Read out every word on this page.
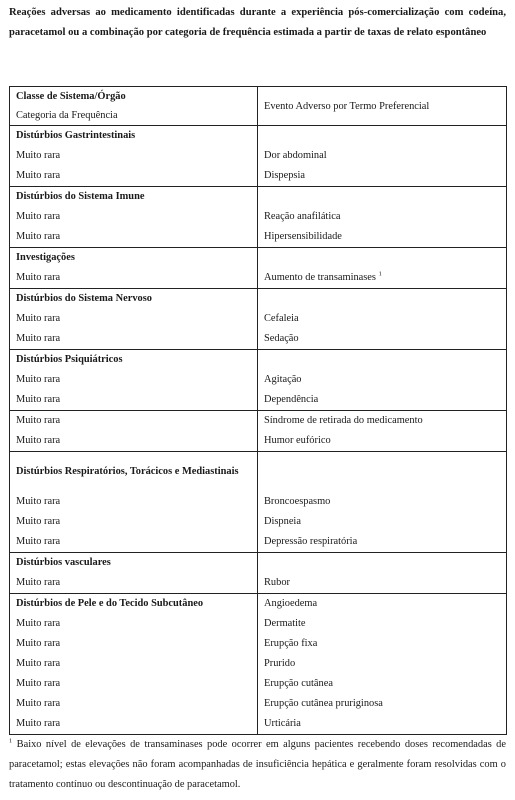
Reações adversas ao medicamento identificadas durante a experiência pós-comercialização com codeína, paracetamol ou a combinação por categoria de frequência estimada a partir de taxas de relato espontâneo
Classe de Sistema/Órgão	Evento Adverso por Termo Preferencial
Categoria da Frequência	
Distúrbios Gastrintestinais	
Muito rara	Dor abdominal
Muito rara	Dispepsia
Distúrbios do Sistema Imune	
Muito rara	Reação anafilática
Muito rara	Hipersensibilidade
Investigações	
Muito rara	Aumento de transaminases $^1$
Distúrbios do Sistema Nervoso	
Muito rara	Cefaleia
Muito rara	Sedação
Distúrbios Psiquiátricos	
Muito rara	Agitação
Muito rara	Dependência
Muito rara	Síndrome de retirada do medicamento
Muito rara	Humor eufórico
Distúrbios Respiratórios, Torácicos e Mediastinais	
Muito rara	Broncoespasmo
Muito rara	Dispneia
Muito rara	Depressão respiratória
Distúrbios vasculares	
Muito rara	Rubor
Distúrbios de Pele e do Tecido Subcutâneo	Angioedema
Muito rara	Dermatite
Muito rara	Erupção fixa
Muito rara	Prurido
Muito rara	Erupção cutânea
Muito rara	Erupção cutânea pruriginosa
Muito rara	Urticária
$^1$ Baixo nível de elevações de transaminases pode ocorrer em alguns pacientes recebendo doses recomendadas de paracetamol; estas elevações não foram acompanhadas de insuficiência hepática e geralmente foram resolvidas com o tratamento contínuo ou descontinuação de paracetamol.
